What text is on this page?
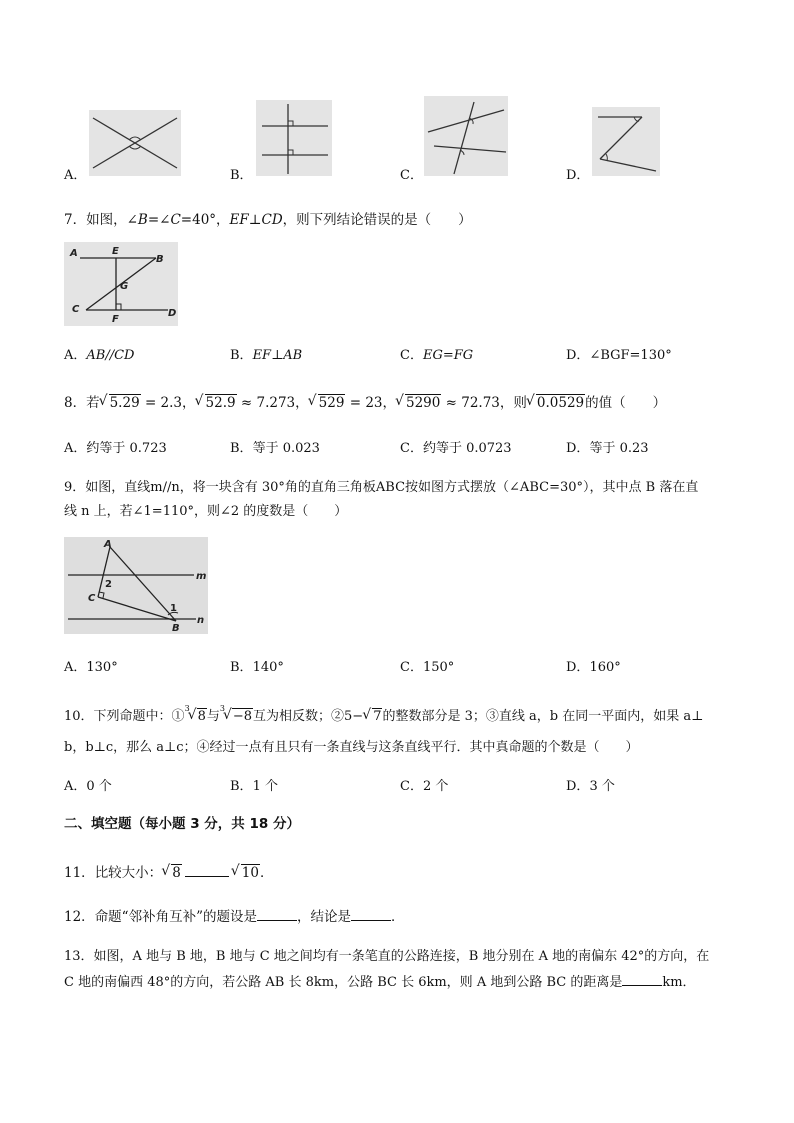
A．	B．	C．	D．
7．如图，∠B=∠C=40°，EF⊥CD，则下列结论错误的是（　　）
A	E
B
G
C
F
D
A．AB//CD	B．EF⊥AB	C．EG=FG	D．∠BGF=130°
8．若 √ 5.29 = 2.3， √ 52.9 ≈ 7.273， √ 529 = 23， √ 5290 ≈ 72.73，则 √ 0.0529的值（　　）
A．约等于 0.723	B．等于 0.023	C．约等于 0.0723	D．等于 0.23
9．如图，直线m//n，将一块含有 30°角的直角三角板ABC按如图方式摆放（∠ABC=30°），其中点 B 落在直
线 n 上，若∠1=110°，则∠2 的度数是（　　）
A
m
2
C
1
B
n
A．130°	B．140°	C．150°	D．160°
10．下列命题中：①
√ 3
8与
√ 3
−8互为相反数；②5− √ 7的整数部分是 3；③直线 a，b 在同一平面内，如果 a⊥
b，b⊥c，那么 a⊥c；④经过一点有且只有一条直线与这条直线平行．其中真命题的个数是（　　）
A．0 个	B．1 个	C．2 个	D．3 个
二、填空题（每小题 3 分，共 18 分）
11．比较大小： √ 8	√ 10．
12．命题“邻补角互补”的题设是	，结论是	．
13．如图，A 地与 B 地，B 地与 C 地之间均有一条笔直的公路连接，B 地分别在 A 地的南偏东 42°的方向，在
C 地的南偏西 48°的方向，若公路 AB 长 8km，公路 BC 长 6km，则 A 地到公路 BC 的距离是	km．
